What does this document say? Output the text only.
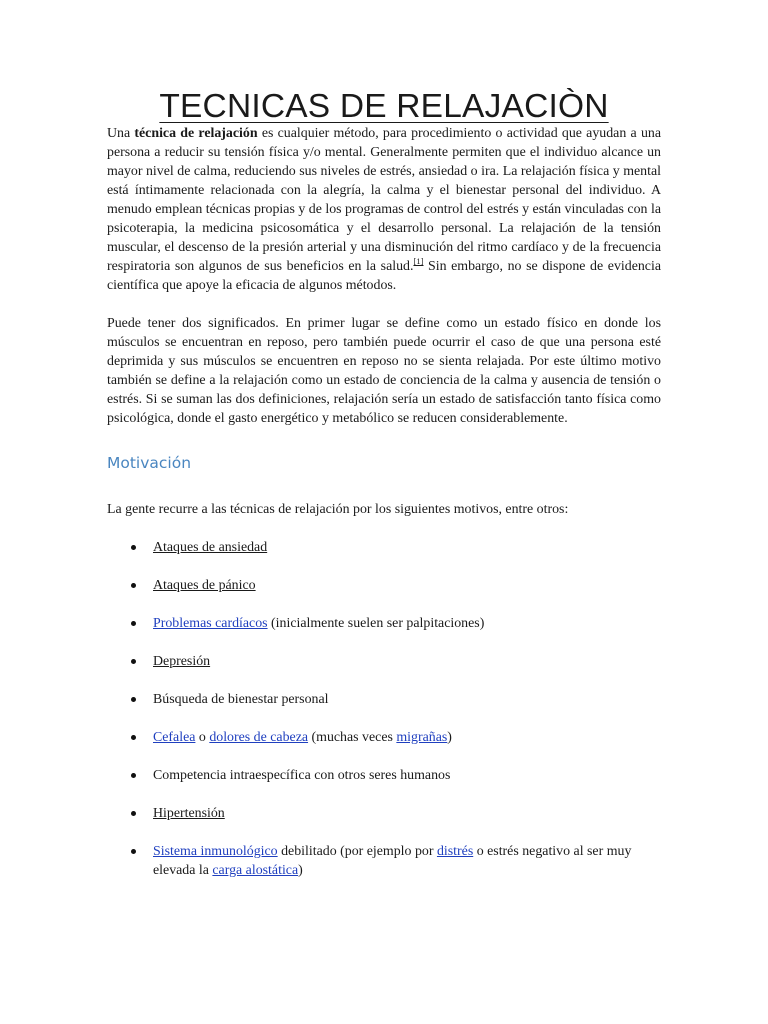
TECNICAS DE RELAJACIÒN

Una técnica de relajación es cualquier método, para procedimiento o actividad que ayudan a una persona a reducir su tensión física y/o mental. Generalmente permiten que el individuo alcance un mayor nivel de calma, reduciendo sus niveles de estrés, ansiedad o ira. La relajación física y mental está íntimamente relacionada con la alegría, la calma y el bienestar personal del individuo. A menudo emplean técnicas propias y de los programas de control del estrés y están vinculadas con la psicoterapia, la medicina psicosomática y el desarrollo personal. La relajación de la tensión muscular, el descenso de la presión arterial y una disminución del ritmo cardíaco y de la frecuencia respiratoria son algunos de sus beneficios en la salud.[1] Sin embargo, no se dispone de evidencia científica que apoye la eficacia de algunos métodos.

Puede tener dos significados. En primer lugar se define como un estado físico en donde los músculos se encuentran en reposo, pero también puede ocurrir el caso de que una persona esté deprimida y sus músculos se encuentren en reposo no se sienta relajada. Por este último motivo también se define a la relajación como un estado de conciencia de la calma y ausencia de tensión o estrés. Si se suman las dos definiciones, relajación sería un estado de satisfacción tanto física como psicológica, donde el gasto energético y metabólico se reducen considerablemente.

Motivación

La gente recurre a las técnicas de relajación por los siguientes motivos, entre otros:

Ataques de ansiedad
Ataques de pánico
Problemas cardíacos (inicialmente suelen ser palpitaciones)
Depresión
Búsqueda de bienestar personal
Cefalea o dolores de cabeza (muchas veces migrañas)
Competencia intraespecífica con otros seres humanos
Hipertensión
Sistema inmunológico debilitado (por ejemplo por distrés o estrés negativo al ser muy elevada la carga alostática)
